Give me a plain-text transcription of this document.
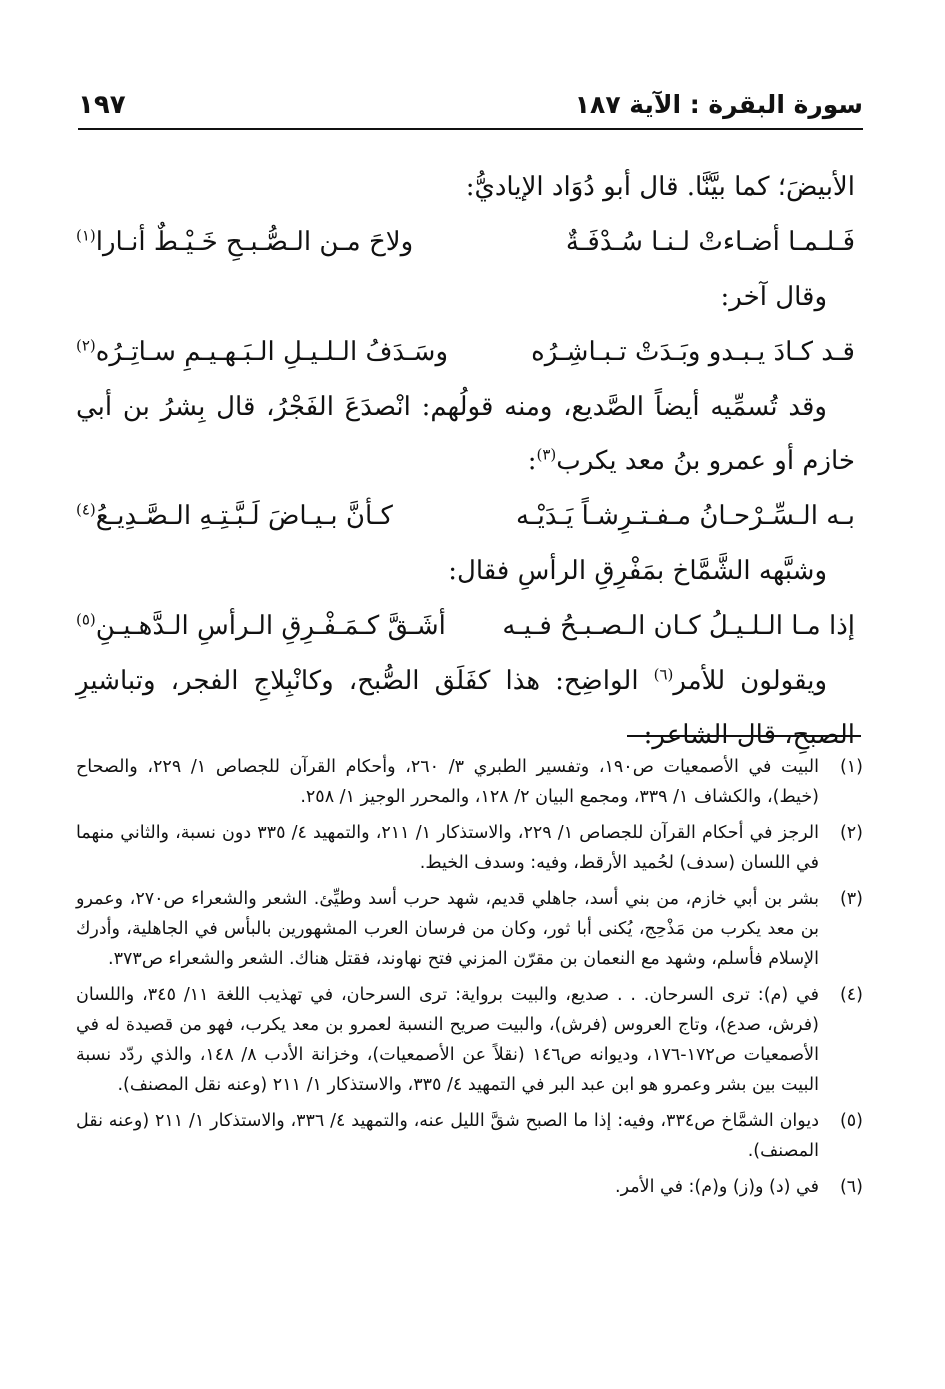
سورة البقرة : الآية ١٨٧
١٩٧

الأبيضَ؛ كما بيَّنَّا. قال أبو دُوَاد الإياديُّ:

فَـلـمـا أضـاءتْ لـنـا سُـدْفَـةٌ
ولاحَ مـن الـصُّـبـحِ خَـيْـطٌ أنـارا$^{(١)}$

وقال آخر:

قـد كـادَ يـبـدو وبَـدَتْ تـبـاشِـرُه
وسَـدَفُ الـلـيـلِ الـبَـهـيـمِ سـاتِـرُه$^{(٢)}$

وقد تُسمِّيه أيضاً الصَّديع، ومنه قولُهم: انْصدَعَ الفَجْرُ، قال بِشرُ بن أبي خازم أو عمرو بنُ معد يكرب$^{(٣)}$:

بـه الـسِّـرْحـانُ مـفـتـرِشـاً يَـدَيْـه
كـأنَّ بـيـاضَ لَـبَّـتِـهِ الـصَّـدِيـعُ$^{(٤)}$

وشبَّهه الشَّمَّاخ بمَفْرِقِ الرأسِ فقال:

إذا مـا الـلـيـلُ كـان الـصـبـحُ فـيـه
أشَـقَّ كـمَـفْـرِقِ الـرأسِ الـدَّهـيـنِ$^{(٥)}$

ويقولون للأمر$^{(٦)}$ الواضِح: هذا كفَلَق الصُّبح، وكانْبِلاجِ الفجر، وتباشيرِ الصبحِ، قال الشاعر:

(١)
البيت في الأصمعيات ص١٩٠، وتفسير الطبري ٣/ ٢٦٠، وأحكام القرآن للجصاص ١/ ٢٢٩، والصحاح (خيط)، والكشاف ١/ ٣٣٩، ومجمع البيان ٢/ ١٢٨، والمحرر الوجيز ١/ ٢٥٨.
(٢)
الرجز في أحكام القرآن للجصاص ١/ ٢٢٩، والاستذكار ١/ ٢١١، والتمهيد ٤/ ٣٣٥ دون نسبة، والثاني منهما في اللسان (سدف) لحُميد الأرقط، وفيه: وسدف الخيط.
(٣)
بشر بن أبي خازم، من بني أسد، جاهلي قديم، شهد حرب أسد وطيِّئ. الشعر والشعراء ص٢٧٠، وعمرو بن معد يكرب من مَذْحِج، يُكنى أبا ثور، وكان من فرسان العرب المشهورين بالبأس في الجاهلية، وأدرك الإسلام فأسلم، وشهد مع النعمان بن مقرّن المزني فتح نهاوند، فقتل هناك. الشعر والشعراء ص٣٧٣.
(٤)
في (م): ترى السرحان. . . صديع، والبيت برواية: ترى السرحان، في تهذيب اللغة ١١/ ٣٤٥، واللسان (فرش، صدع)، وتاج العروس (فرش)، والبيت صريح النسبة لعمرو بن معد يكرب، فهو من قصيدة له في الأصمعيات ص١٧٢-١٧٦، وديوانه ص١٤٦ (نقلاً عن الأصمعيات)، وخزانة الأدب ٨/ ١٤٨، والذي ردّد نسبة البيت بين بشر وعمرو هو ابن عبد البر في التمهيد ٤/ ٣٣٥، والاستذكار ١/ ٢١١ (وعنه نقل المصنف).
(٥)
ديوان الشمَّاخ ص٣٣٤، وفيه: إذا ما الصبح شقَّ الليل عنه، والتمهيد ٤/ ٣٣٦، والاستذكار ١/ ٢١١ (وعنه نقل المصنف).
(٦)
في (د) و(ز) و(م): في الأمر.
